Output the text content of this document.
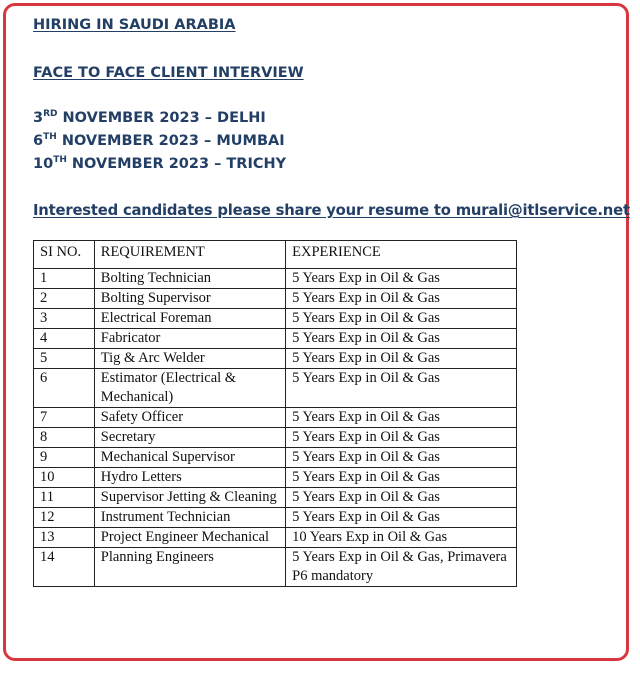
HIRING IN SAUDI ARABIA
FACE TO FACE CLIENT INTERVIEW
3RD NOVEMBER 2023 – DELHI
6TH NOVEMBER 2023 – MUMBAI
10TH NOVEMBER 2023 – TRICHY
Interested candidates please share your resume to murali@itlservice.net
SI NO.	REQUIREMENT	EXPERIENCE
1	Bolting Technician	5 Years Exp in Oil & Gas
2	Bolting Supervisor	5 Years Exp in Oil & Gas
3	Electrical Foreman	5 Years Exp in Oil & Gas
4	Fabricator	5 Years Exp in Oil & Gas
5	Tig & Arc Welder	5 Years Exp in Oil & Gas
6	Estimator (Electrical & Mechanical)	5 Years Exp in Oil & Gas
7	Safety Officer	5 Years Exp in Oil & Gas
8	Secretary	5 Years Exp in Oil & Gas
9	Mechanical Supervisor	5 Years Exp in Oil & Gas
10	Hydro Letters	5 Years Exp in Oil & Gas
11	Supervisor Jetting & Cleaning	5 Years Exp in Oil & Gas
12	Instrument Technician	5 Years Exp in Oil & Gas
13	Project Engineer Mechanical	10 Years Exp in Oil & Gas
14	Planning Engineers	5 Years Exp in Oil & Gas, Primavera P6 mandatory
